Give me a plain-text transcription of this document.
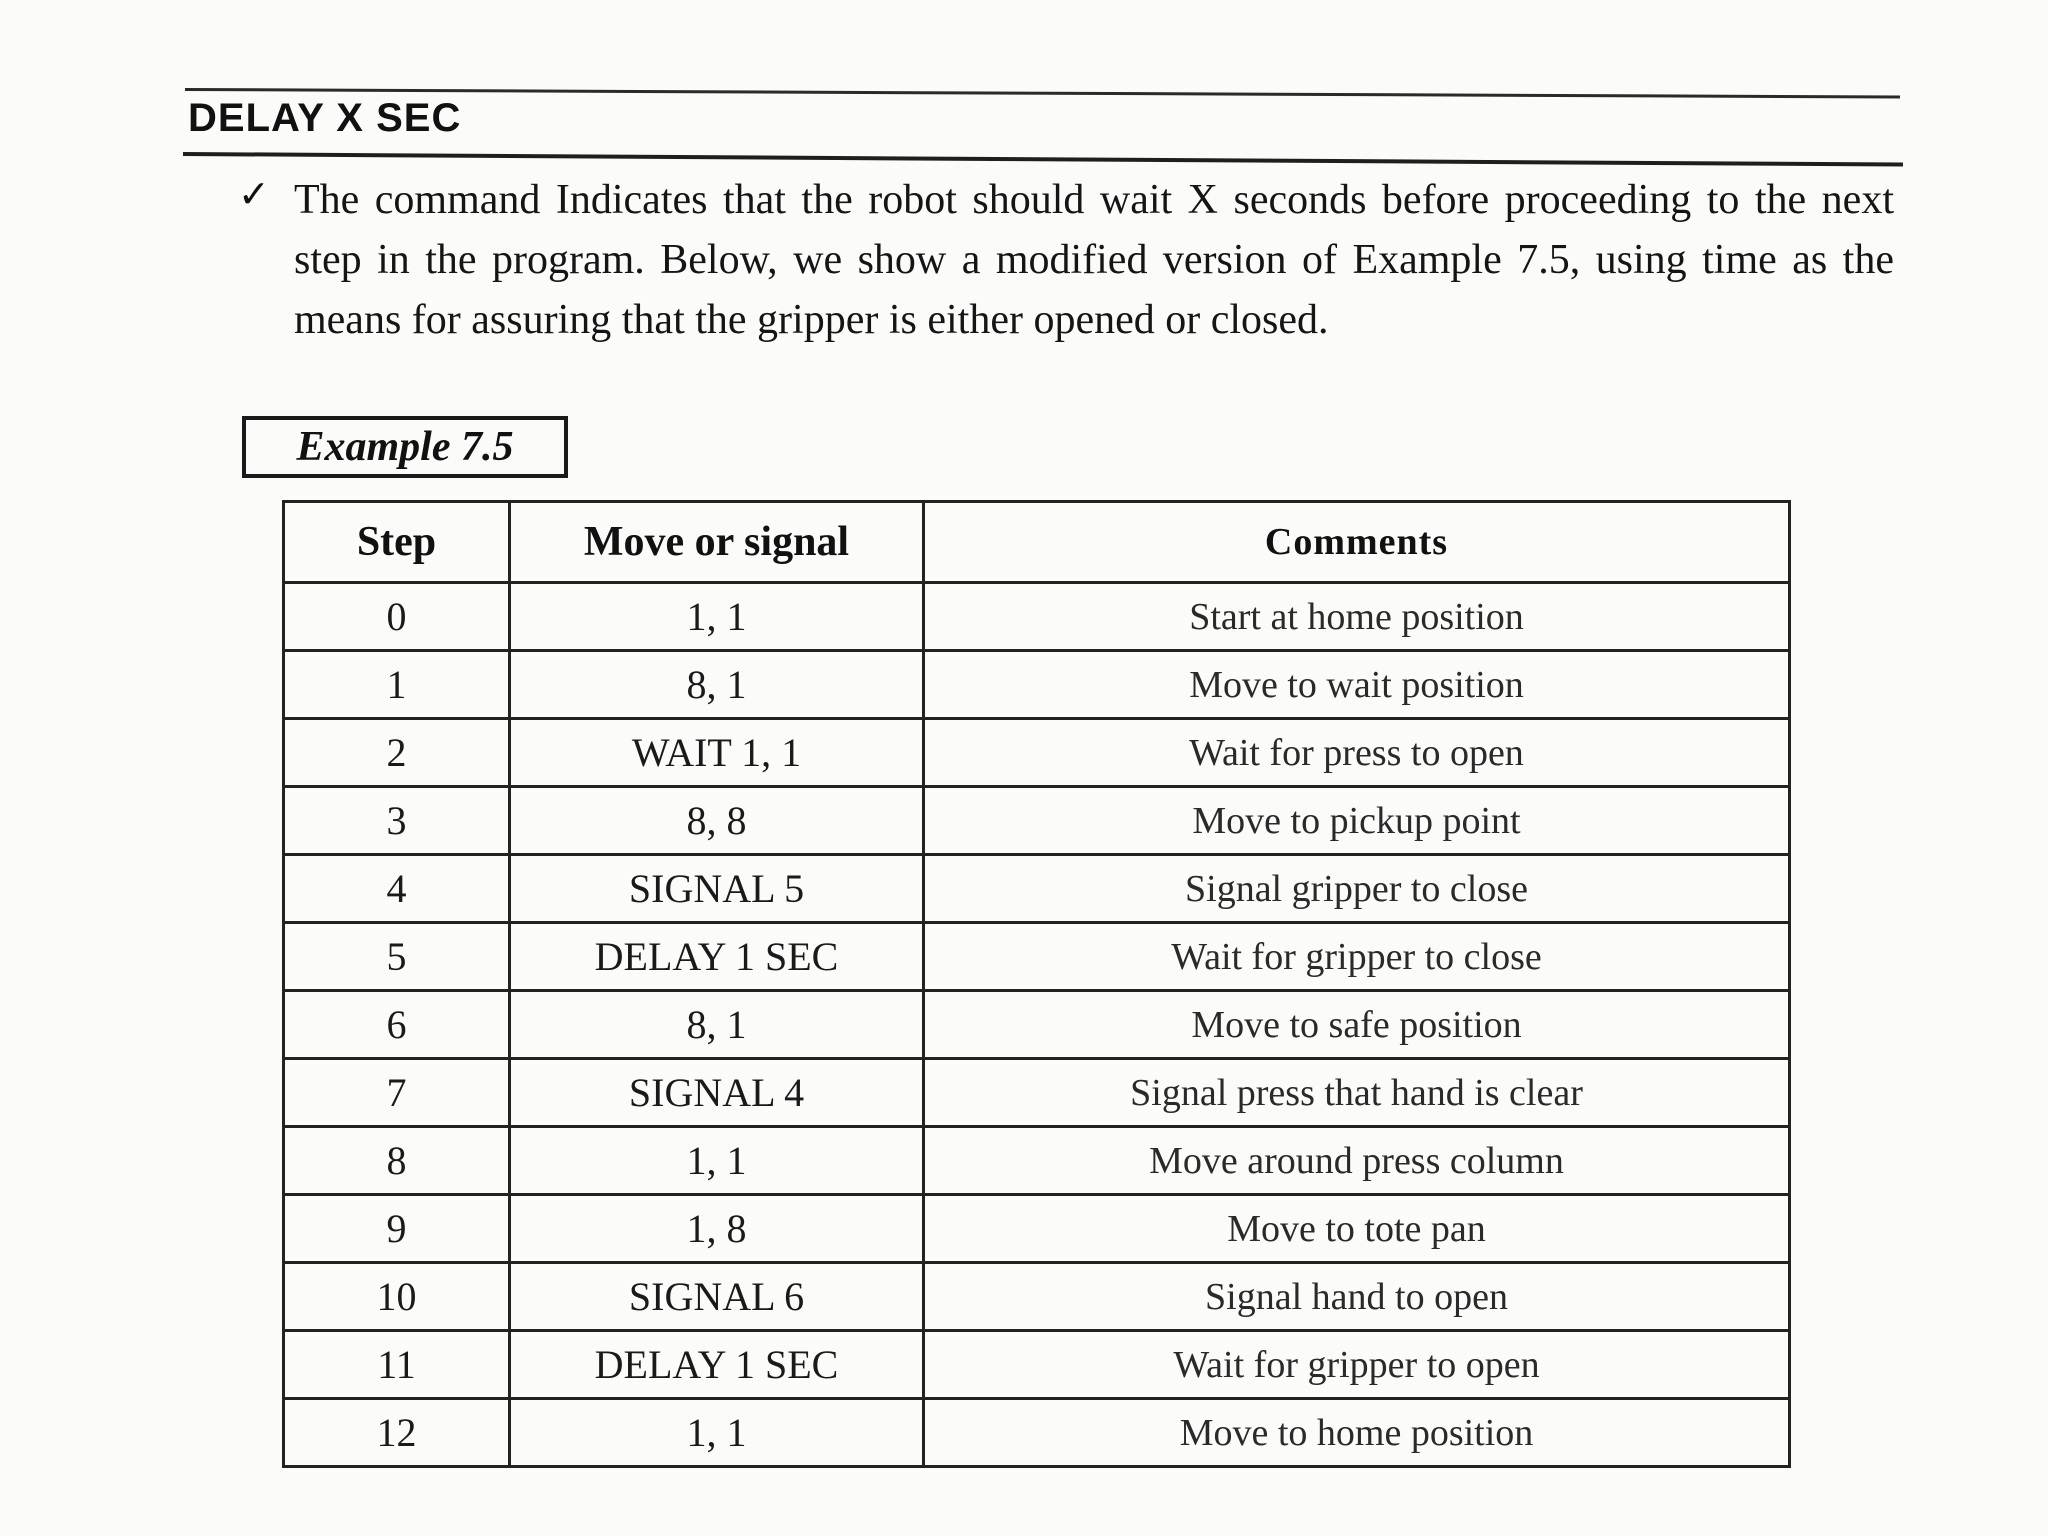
DELAY X SEC
✓ The command Indicates that the robot should wait X seconds before proceeding to the next step in the program. Below, we show a modified version of Example 7.5, using time as the means for assuring that the gripper is either opened or closed.

Example 7.5
Step	Move or signal	Comments
0	1, 1	Start at home position
1	8, 1	Move to wait position
2	WAIT 1, 1	Wait for press to open
3	8, 8	Move to pickup point
4	SIGNAL 5	Signal gripper to close
5	DELAY 1 SEC	Wait for gripper to close
6	8, 1	Move to safe position
7	SIGNAL 4	Signal press that hand is clear
8	1, 1	Move around press column
9	1, 8	Move to tote pan
10	SIGNAL 6	Signal hand to open
11	DELAY 1 SEC	Wait for gripper to open
12	1, 1	Move to home position
